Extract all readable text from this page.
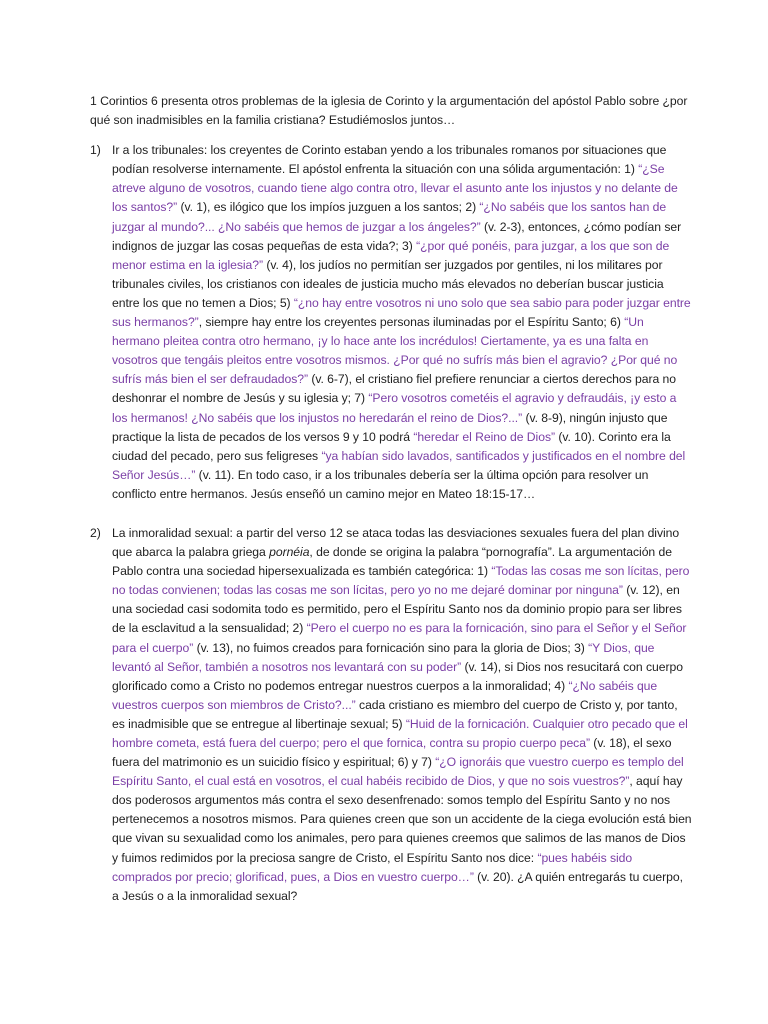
1 Corintios 6 presenta otros problemas de la iglesia de Corinto y la argumentación del apóstol Pablo sobre ¿por qué son inadmisibles en la familia cristiana? Estudiémoslos juntos…

1) Ir a los tribunales: los creyentes de Corinto estaban yendo a los tribunales romanos por situaciones que podían resolverse internamente. El apóstol enfrenta la situación con una sólida argumentación: 1) “¿Se atreve alguno de vosotros, cuando tiene algo contra otro, llevar el asunto ante los injustos y no delante de los santos?” (v. 1), es ilógico que los impíos juzguen a los santos; 2) “¿No sabéis que los santos han de juzgar al mundo?... ¿No sabéis que hemos de juzgar a los ángeles?” (v. 2-3), entonces, ¿cómo podían ser indignos de juzgar las cosas pequeñas de esta vida?; 3) “¿por qué ponéis, para juzgar, a los que son de menor estima en la iglesia?” (v. 4), los judíos no permitían ser juzgados por gentiles, ni los militares por tribunales civiles, los cristianos con ideales de justicia mucho más elevados no deberían buscar justicia entre los que no temen a Dios; 5) “¿no hay entre vosotros ni uno solo que sea sabio para poder juzgar entre sus hermanos?”, siempre hay entre los creyentes personas iluminadas por el Espíritu Santo; 6) “Un hermano pleitea contra otro hermano, ¡y lo hace ante los incrédulos! Ciertamente, ya es una falta en vosotros que tengáis pleitos entre vosotros mismos. ¿Por qué no sufrís más bien el agravio? ¿Por qué no sufrís más bien el ser defraudados?” (v. 6-7), el cristiano fiel prefiere renunciar a ciertos derechos para no deshonrar el nombre de Jesús y su iglesia y; 7) “Pero vosotros cometéis el agravio y defraudáis, ¡y esto a los hermanos! ¿No sabéis que los injustos no heredarán el reino de Dios?...” (v. 8-9), ningún injusto que practique la lista de pecados de los versos 9 y 10 podrá “heredar el Reino de Dios” (v. 10). Corinto era la ciudad del pecado, pero sus feligreses “ya habían sido lavados, santificados y justificados en el nombre del Señor Jesús…” (v. 11). En todo caso, ir a los tribunales debería ser la última opción para resolver un conflicto entre hermanos. Jesús enseñó un camino mejor en Mateo 18:15-17…

2) La inmoralidad sexual: a partir del verso 12 se ataca todas las desviaciones sexuales fuera del plan divino que abarca la palabra griega pornéia, de donde se origina la palabra “pornografía”. La argumentación de Pablo contra una sociedad hipersexualizada es también categórica: 1) “Todas las cosas me son lícitas, pero no todas convienen; todas las cosas me son lícitas, pero yo no me dejaré dominar por ninguna” (v. 12), en una sociedad casi sodomita todo es permitido, pero el Espíritu Santo nos da dominio propio para ser libres de la esclavitud a la sensualidad; 2) “Pero el cuerpo no es para la fornicación, sino para el Señor y el Señor para el cuerpo” (v. 13), no fuimos creados para fornicación sino para la gloria de Dios; 3) “Y Dios, que levantó al Señor, también a nosotros nos levantará con su poder” (v. 14), si Dios nos resucitará con cuerpo glorificado como a Cristo no podemos entregar nuestros cuerpos a la inmoralidad; 4) “¿No sabéis que vuestros cuerpos son miembros de Cristo?...” cada cristiano es miembro del cuerpo de Cristo y, por tanto, es inadmisible que se entregue al libertinaje sexual; 5) “Huid de la fornicación. Cualquier otro pecado que el hombre cometa, está fuera del cuerpo; pero el que fornica, contra su propio cuerpo peca” (v. 18), el sexo fuera del matrimonio es un suicidio físico y espiritual; 6) y 7) “¿O ignoráis que vuestro cuerpo es templo del Espíritu Santo, el cual está en vosotros, el cual habéis recibido de Dios, y que no sois vuestros?”, aquí hay dos poderosos argumentos más contra el sexo desenfrenado: somos templo del Espíritu Santo y no nos pertenecemos a nosotros mismos. Para quienes creen que son un accidente de la ciega evolución está bien que vivan su sexualidad como los animales, pero para quienes creemos que salimos de las manos de Dios y fuimos redimidos por la preciosa sangre de Cristo, el Espíritu Santo nos dice: “pues habéis sido comprados por precio; glorificad, pues, a Dios en vuestro cuerpo…” (v. 20). ¿A quién entregarás tu cuerpo, a Jesús o a la inmoralidad sexual?
